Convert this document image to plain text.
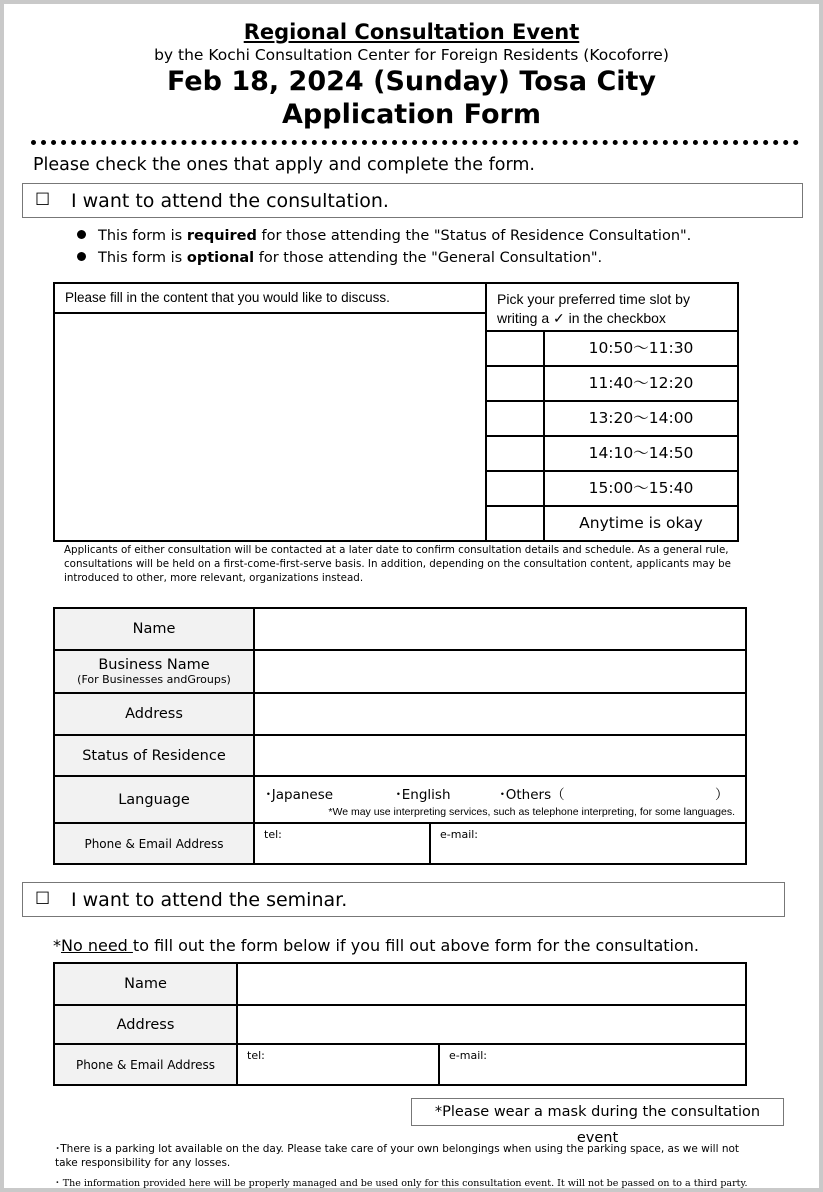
Regional Consultation Event
by the Kochi Consultation Center for Foreign Residents (Kocoforre)
Feb 18, 2024 (Sunday) Tosa City
Application Form
Please check the ones that apply and complete the form.
☐ I want to attend the consultation.
This form is required for those attending the "Status of Residence Consultation".
This form is optional for those attending the "General Consultation".
Please fill in the content that you would like to discuss.	Pick your preferred time slot by
writing a ✓ in the checkbox
10:50～11:30
11:40～12:20
13:20～14:00
14:10～14:50
15:00～15:40
Anytime is okay
Applicants of either consultation will be contacted at a later date to confirm consultation details and schedule. As a general rule, consultations will be held on a first-come-first-serve basis. In addition, depending on the consultation content, applicants may be introduced to other, more relevant, organizations instead.
Name
Business Name
(For Businesses andGroups)
Address
Status of Residence
Language	･Japanese	･English	･Others（	）
*We may use interpreting services, such as telephone interpreting, for some languages.
Phone & Email Address
tel:	e-mail:
☐ I want to attend the seminar.
*No need to fill out the form below if you fill out above form for the consultation.
Name
Address
Phone & Email Address
tel:	e-mail:
*Please wear a mask during the consultation event
･There is a parking lot available on the day. Please take care of your own belongings when using the parking space, as we will not take responsibility for any losses.
･ The information provided here will be properly managed and be used only for this consultation event. It will not be passed on to a third party.
